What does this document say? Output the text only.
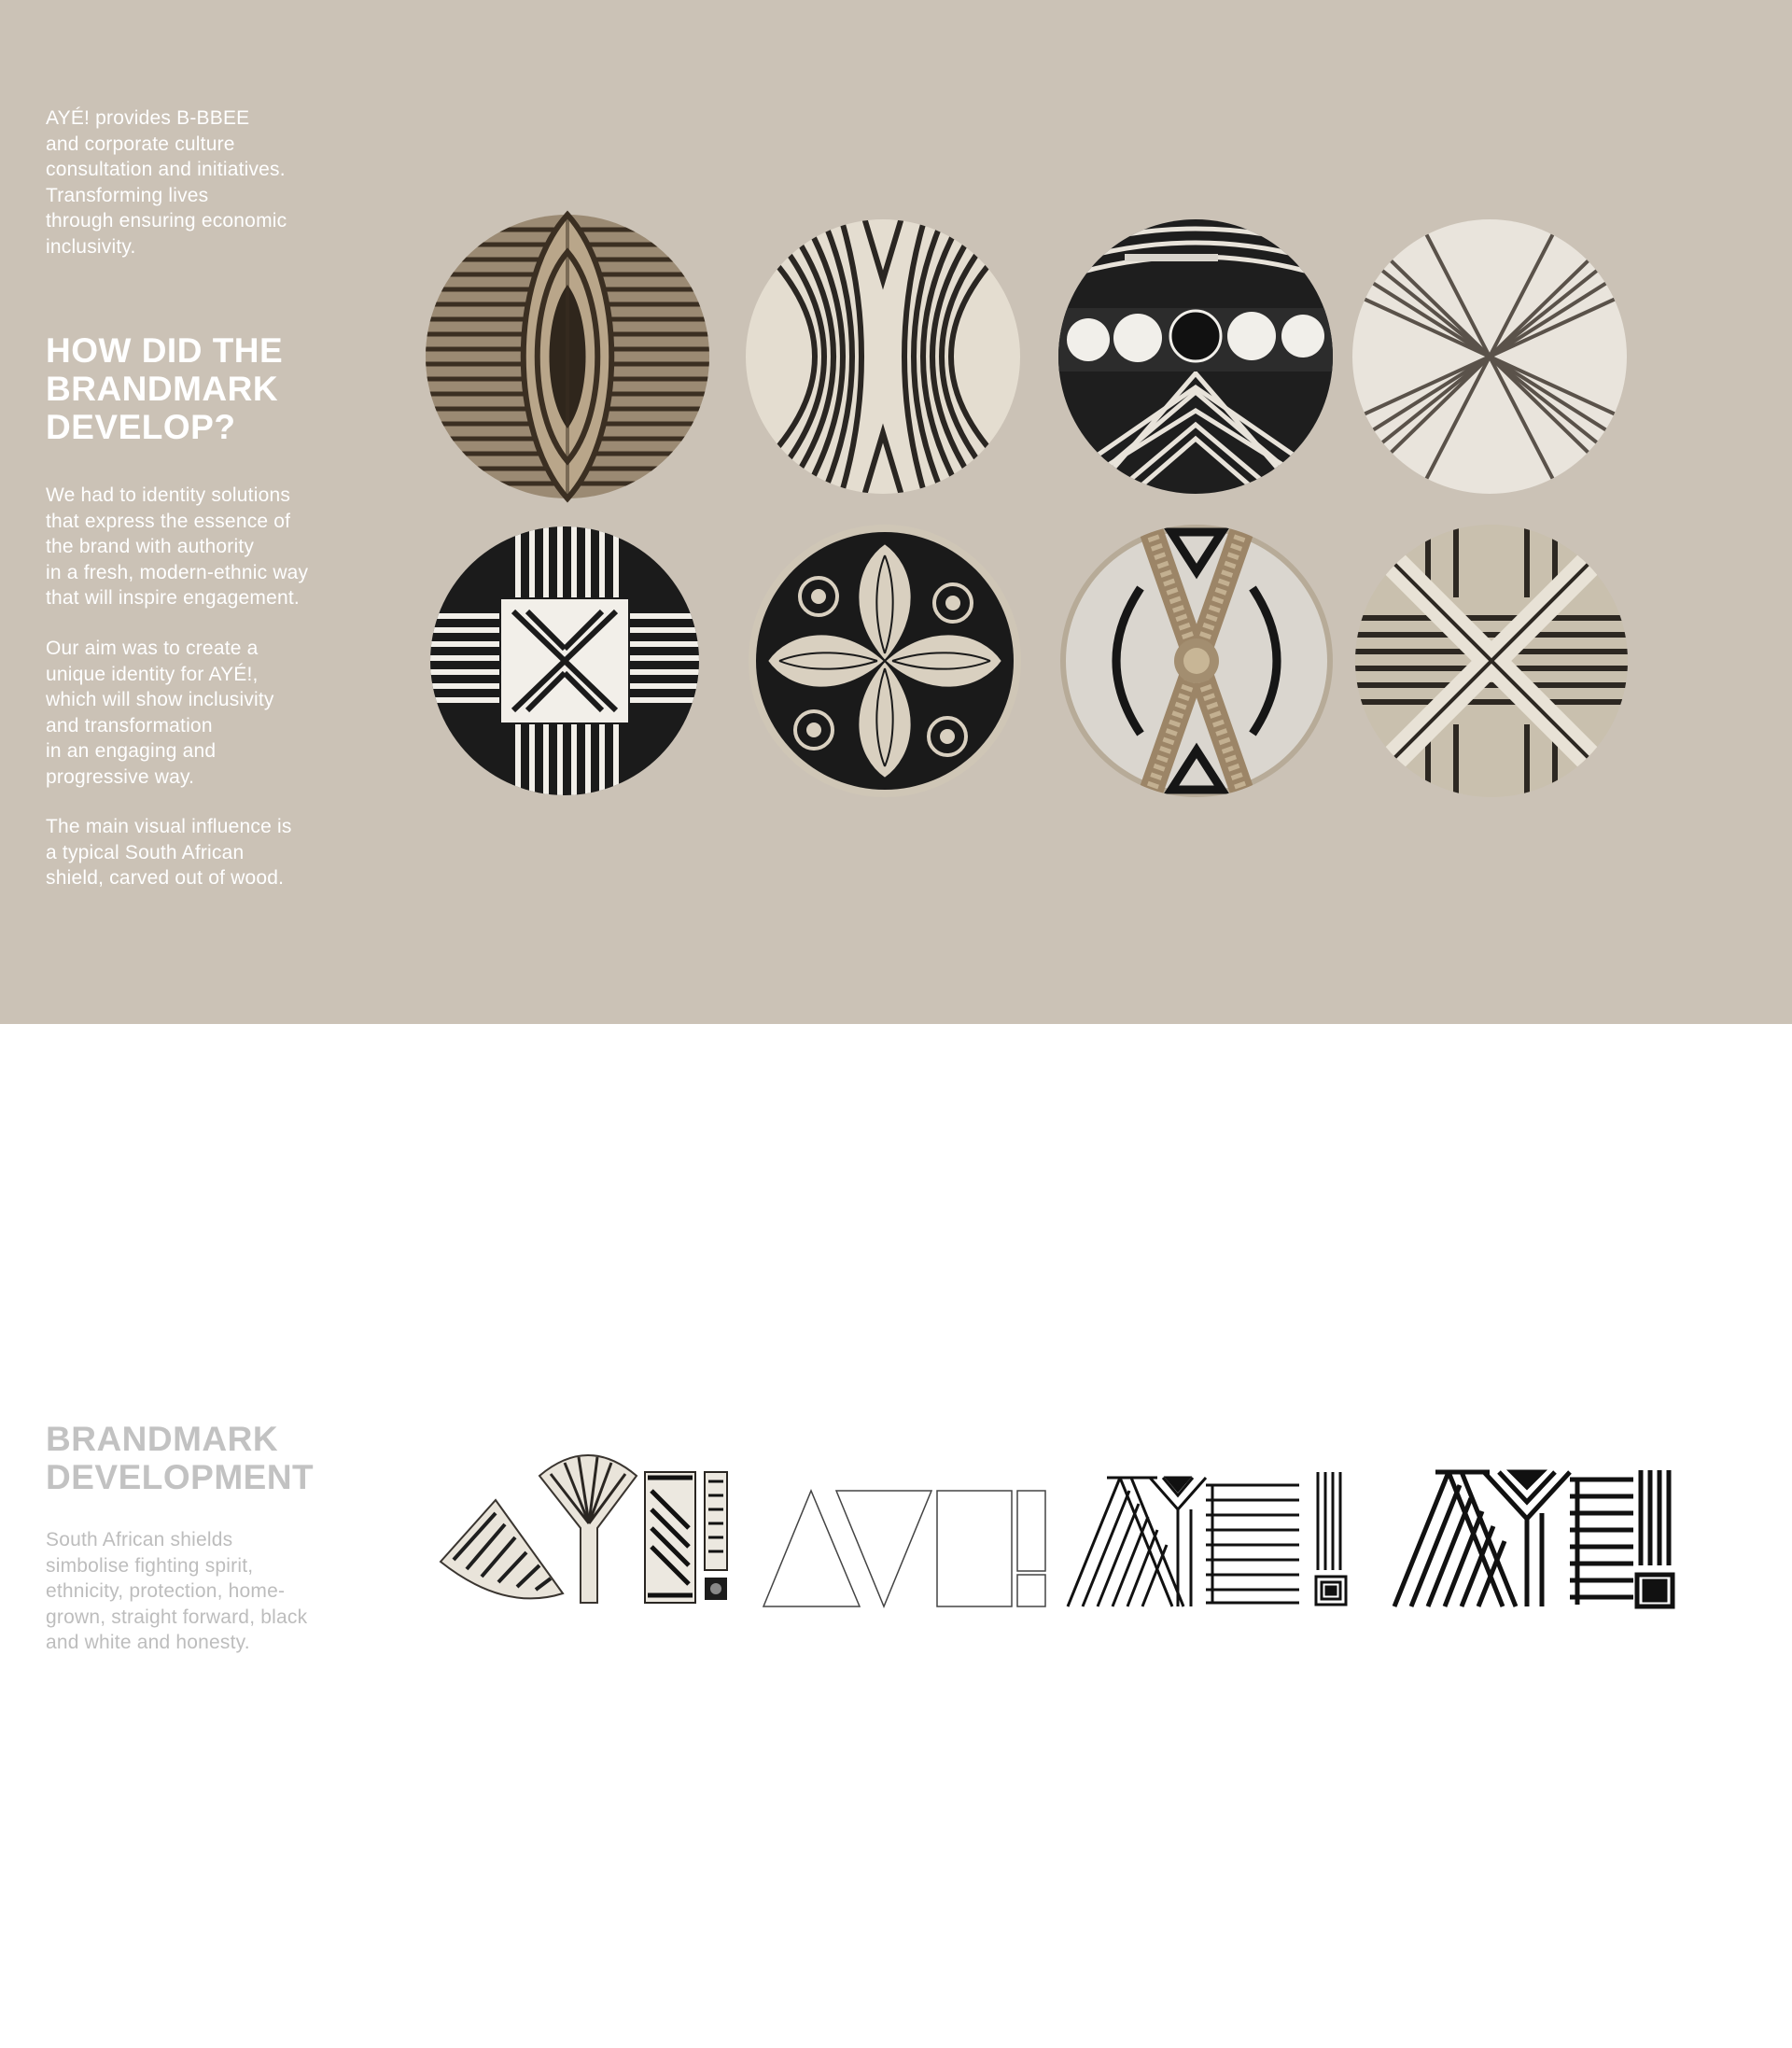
AYÉ! provides B-BBEE
and corporate culture
consultation and initiatives.
Transforming lives
through ensuring economic
inclusivity.

HOW DID THE
BRANDMARK
DEVELOP?

We had to identity solutions
that express the essence of
the brand with authority
in a fresh, modern-ethnic way
that will inspire engagement.

Our aim was to create a
unique identity for AYÉ!,
which will show inclusivity
and transformation
in an engaging and
progressive way.

The main visual influence is
a typical South African
shield, carved out of wood.

BRANDMARK
DEVELOPMENT

South African shields
simbolise fighting spirit,
ethnicity, protection, home-
grown, straight forward, black
and white and honesty.
